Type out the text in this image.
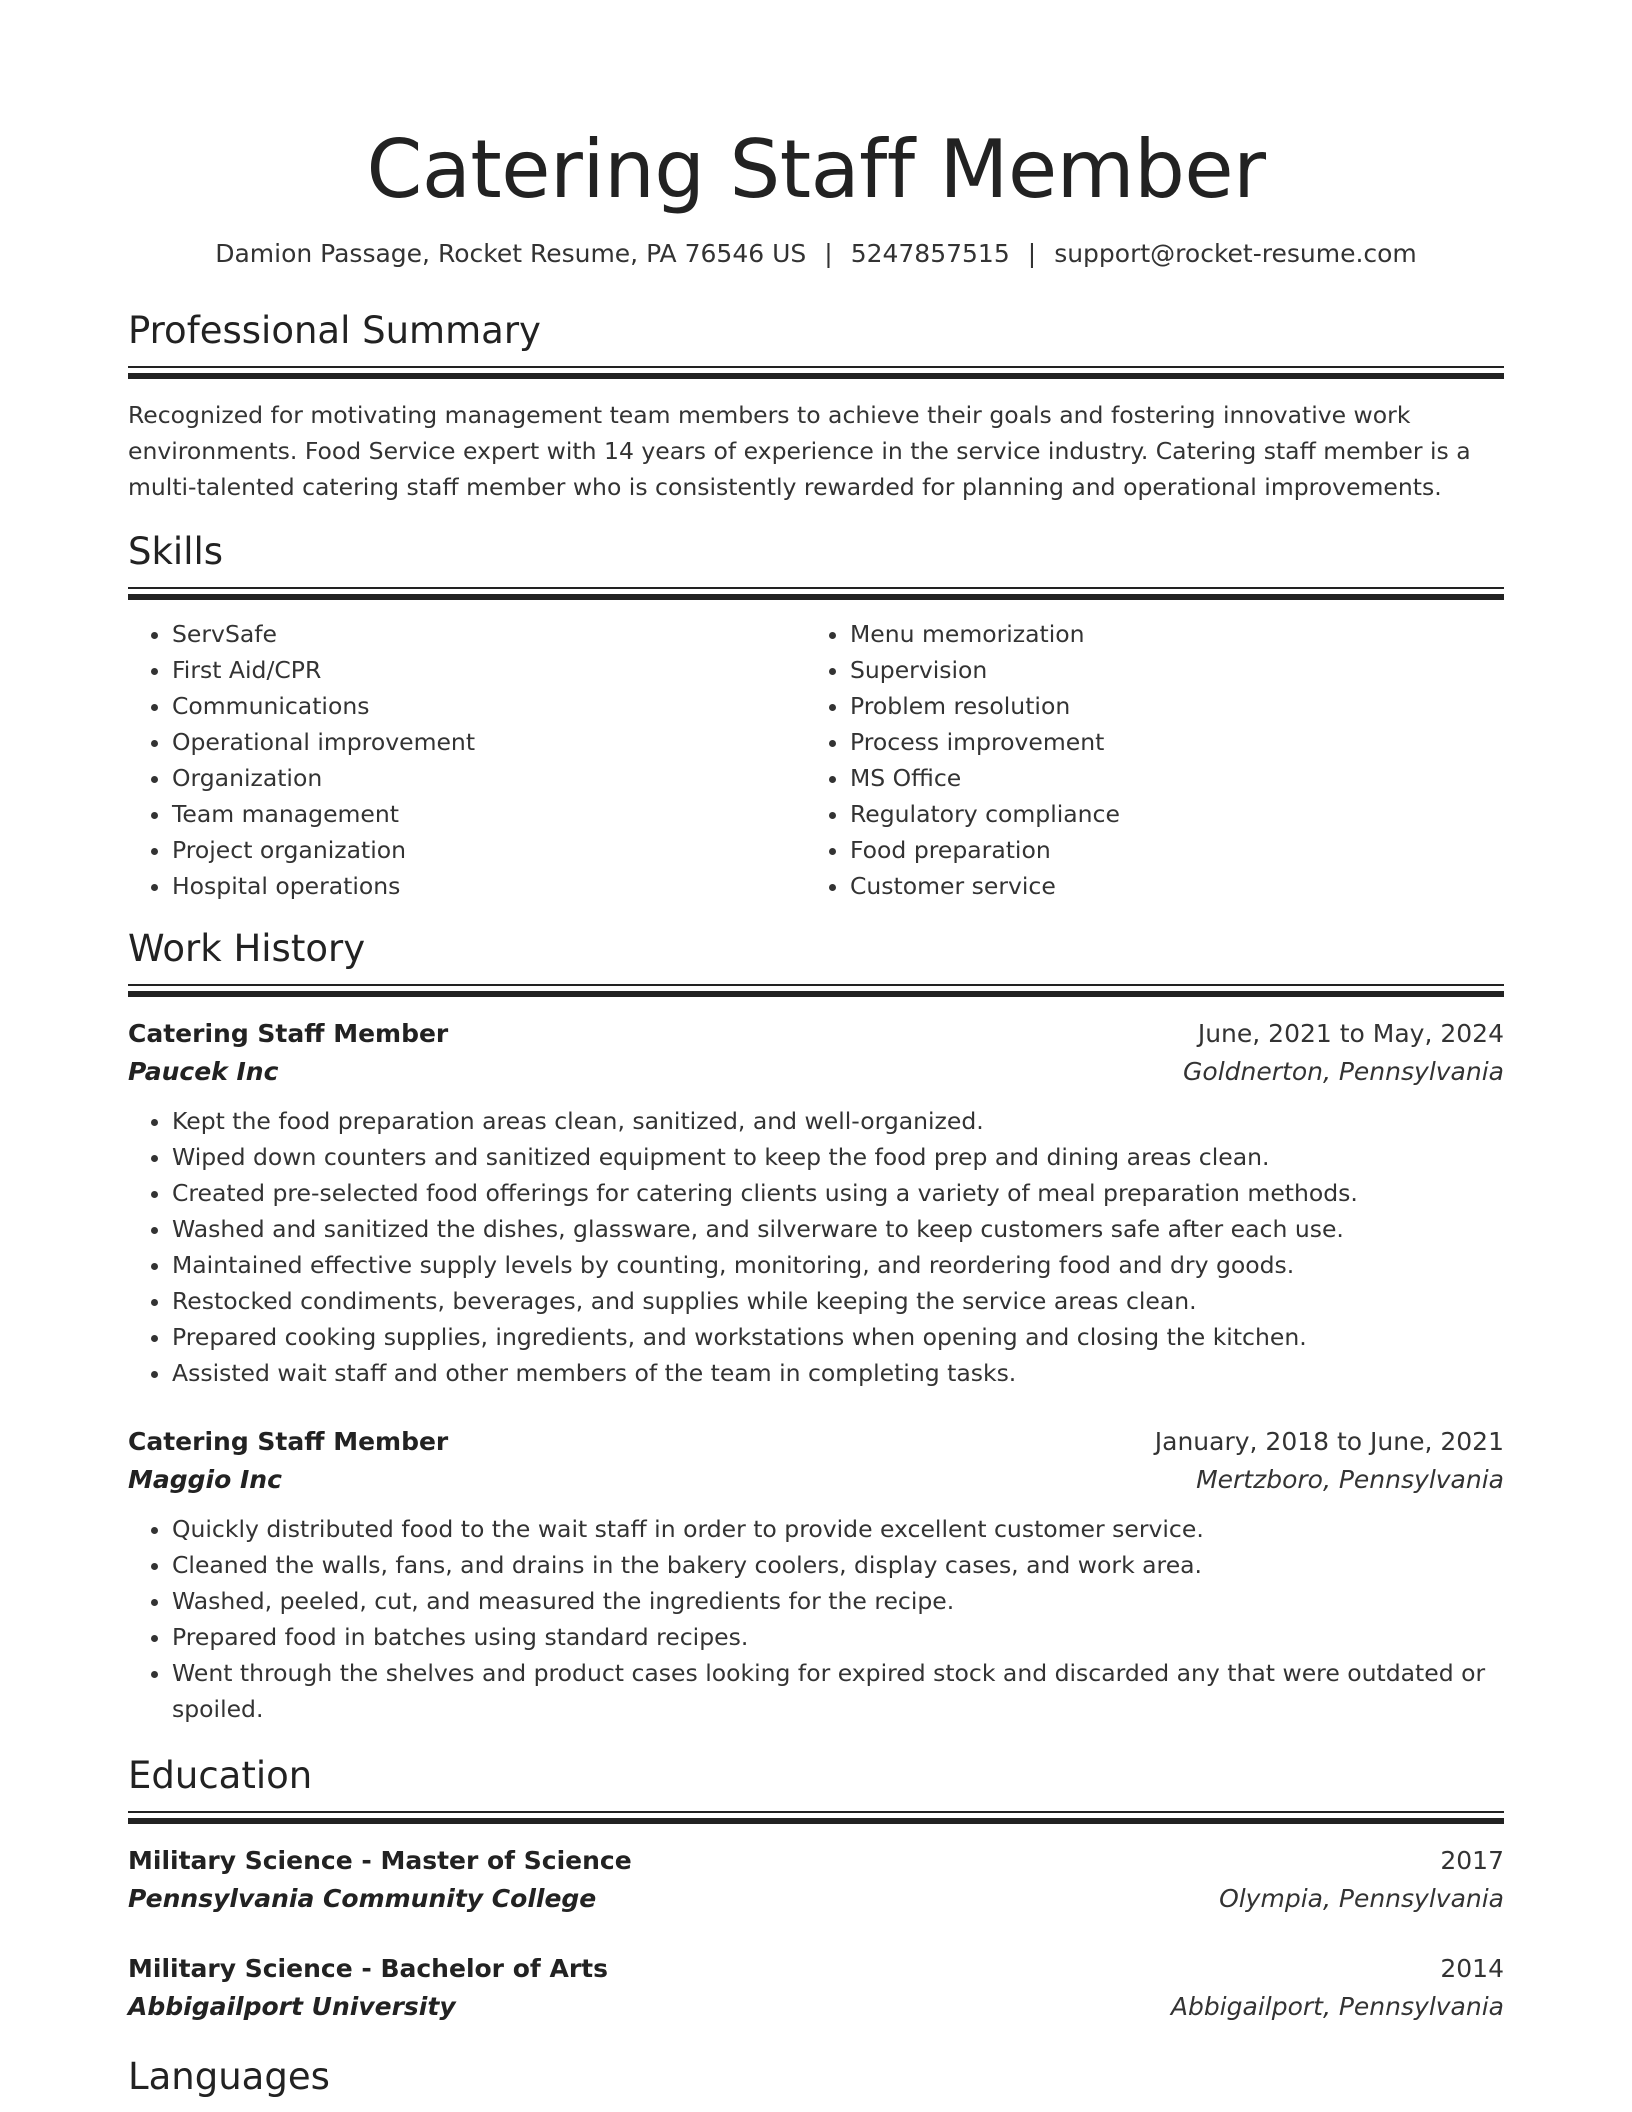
Catering Staff Member
Damion Passage, Rocket Resume, PA 76546 US | 5247857515 | support@rocket-resume.com
Professional Summary
Recognized for motivating management team members to achieve their goals and fostering innovative work environments. Food Service expert with 14 years of experience in the service industry. Catering staff member is a multi-talented catering staff member who is consistently rewarded for planning and operational improvements.
Skills
• ServSafe
• First Aid/CPR
• Communications
• Operational improvement
• Organization
• Team management
• Project organization
• Hospital operations
• Menu memorization
• Supervision
• Problem resolution
• Process improvement
• MS Office
• Regulatory compliance
• Food preparation
• Customer service
Work History
Catering Staff Member	June, 2021 to May, 2024
Paucek Inc	Goldnerton, Pennsylvania
• Kept the food preparation areas clean, sanitized, and well-organized.
• Wiped down counters and sanitized equipment to keep the food prep and dining areas clean.
• Created pre-selected food offerings for catering clients using a variety of meal preparation methods.
• Washed and sanitized the dishes, glassware, and silverware to keep customers safe after each use.
• Maintained effective supply levels by counting, monitoring, and reordering food and dry goods.
• Restocked condiments, beverages, and supplies while keeping the service areas clean.
• Prepared cooking supplies, ingredients, and workstations when opening and closing the kitchen.
• Assisted wait staff and other members of the team in completing tasks.
Catering Staff Member	January, 2018 to June, 2021
Maggio Inc	Mertzboro, Pennsylvania
• Quickly distributed food to the wait staff in order to provide excellent customer service.
• Cleaned the walls, fans, and drains in the bakery coolers, display cases, and work area.
• Washed, peeled, cut, and measured the ingredients for the recipe.
• Prepared food in batches using standard recipes.
• Went through the shelves and product cases looking for expired stock and discarded any that were outdated or spoiled.
Education
Military Science - Master of Science	2017
Pennsylvania Community College	Olympia, Pennsylvania
Military Science - Bachelor of Arts	2014
Abbigailport University	Abbigailport, Pennsylvania
Languages
